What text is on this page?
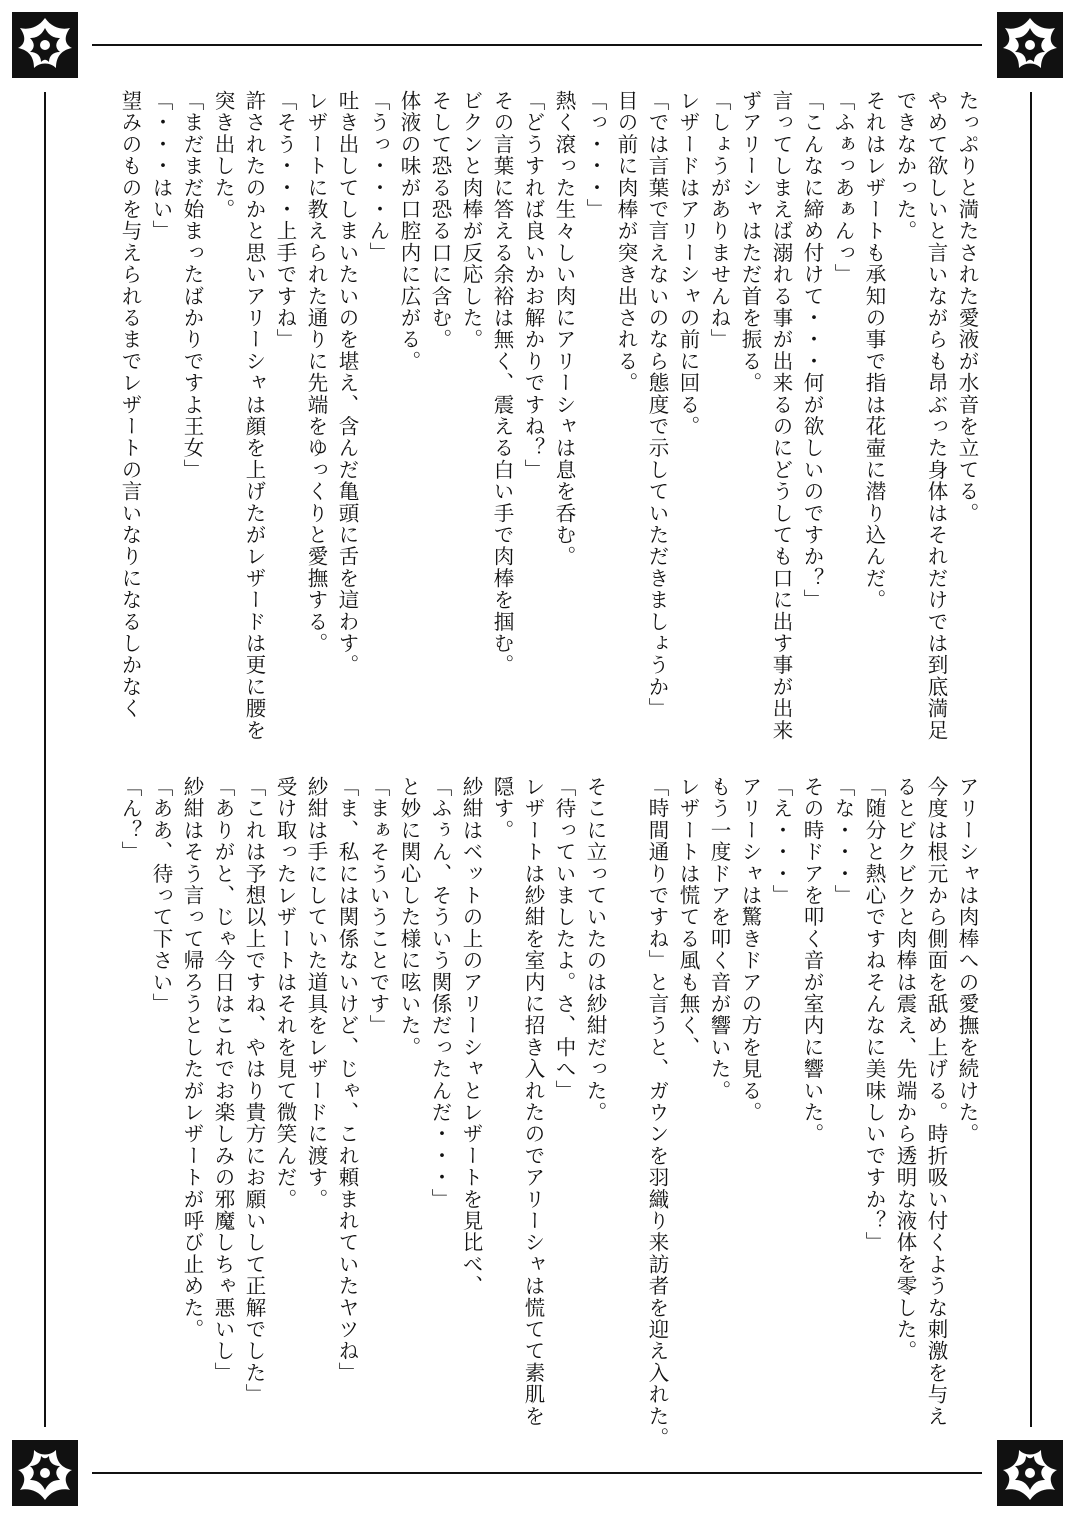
たっぷりと満たされた愛液が水音を立てる。

やめて欲しいと言いながらも昂ぶった身体はそれだけでは到底満足

できなかった。

それはレザートも承知の事で指は花壷に潜り込んだ。

「ふぁっあぁんっ」

「こんなに締め付けて・・・何が欲しいのですか？」

言ってしまえば溺れる事が出来るのにどうしても口に出す事が出来

ずアリーシャはただ首を振る。

「しょうがありませんね」

レザードはアリーシャの前に回る。

「では言葉で言えないのなら態度で示していただきましょうか」

目の前に肉棒が突き出される。

「っ・・・」

熱く滾った生々しい肉にアリーシャは息を呑む。

「どうすれば良いかお解かりですね？」

その言葉に答える余裕は無く、震える白い手で肉棒を掴む。

ビクンと肉棒が反応した。

そして恐る恐る口に含む。

体液の味が口腔内に広がる。

「うっ・・・ん」

吐き出してしまいたいのを堪え、含んだ亀頭に舌を這わす。

レザートに教えられた通りに先端をゆっくりと愛撫する。

「そう・・・上手ですね」

許されたのかと思いアリーシャは顔を上げたがレザードは更に腰を

突き出した。

「まだまだ始まったばかりですよ王女」

「・・・はい」

望みのものを与えられるまでレザートの言いなりになるしかなく

アリーシャは肉棒への愛撫を続けた。

今度は根元から側面を舐め上げる。時折吸い付くような刺激を与え

るとビクビクと肉棒は震え、先端から透明な液体を零した。

「随分と熱心ですねそんなに美味しいですか？」

「な・・・」

その時ドアを叩く音が室内に響いた。

「え・・・」

アリーシャは驚きドアの方を見る。

もう一度ドアを叩く音が響いた。

レザートは慌てる風も無く、

「時間通りですね」と言うと、ガウンを羽織り来訪者を迎え入れた。

そこに立っていたのは紗紺だった。

「待っていましたよ。さ、中へ」

レザートは紗紺を室内に招き入れたのでアリーシャは慌てて素肌を

隠す。

紗紺はベットの上のアリーシャとレザートを見比べ、

「ふぅん、そういう関係だったんだ・・・」

と妙に関心した様に呟いた。

「まぁそういうことです」

「ま、私には関係ないけど、じゃ、これ頼まれていたヤツね」

紗紺は手にしていた道具をレザードに渡す。

受け取ったレザートはそれを見て微笑んだ。

「これは予想以上ですね、やはり貴方にお願いして正解でした」

「ありがと、じゃ今日はこれでお楽しみの邪魔しちゃ悪いし」

紗紺はそう言って帰ろうとしたがレザートが呼び止めた。

「ああ、待って下さい」

「ん？」
